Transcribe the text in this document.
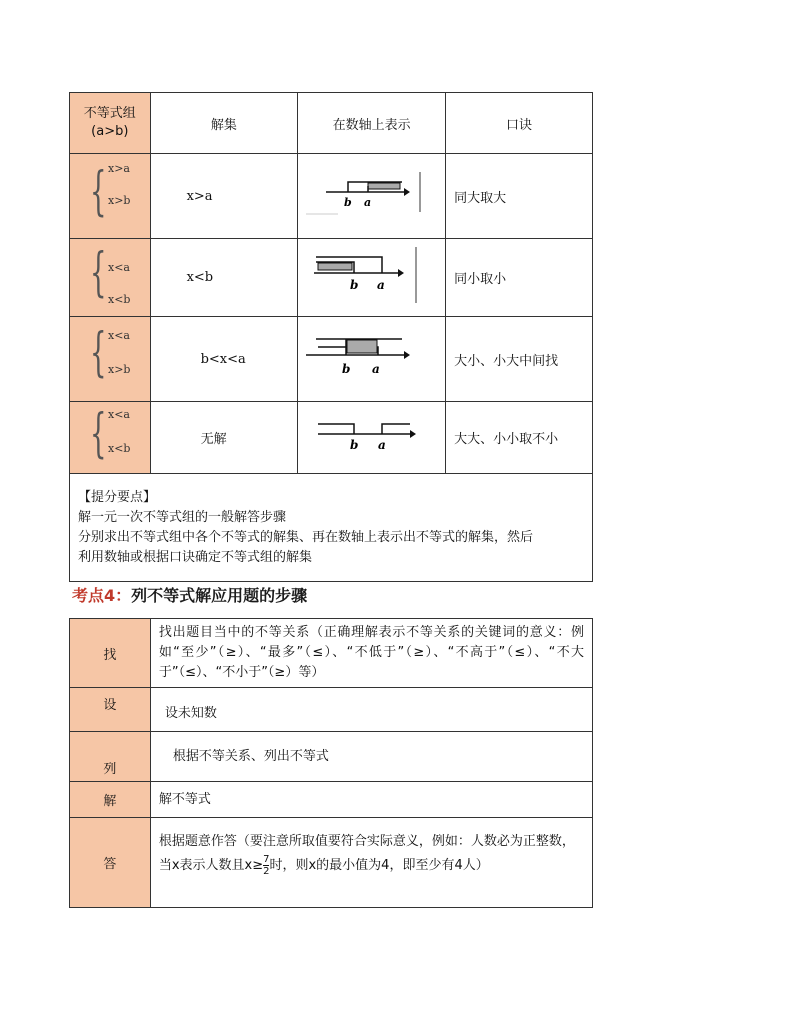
不等式组
(a>b)	解集	在数轴上表示	口诀

{ x>a
x>b	x>a	b a	同大取大

{ x<a
x<b	x<b	b a	同小取小

{ x<a
x>b	b<x<a	b a	大小、小大中间找

{ x<a
x<b	无解	b a	大大、小小取不小

【提分要点】
解一元一次不等式组的一般解答步骤
分别求出不等式组中各个不等式的解集、再在数轴上表示出不等式的解集，然后
利用数轴或根据口诀确定不等式组的解集			
考点4：列不等式解应用题的步骤
找	找出题目当中的不等关系（正确理解表示不等关系的关键词的意义：例如“至少”（≥）、“最多”（≤）、“不低于”（≥）、“不高于”（≤）、“不大于”（≤）、“不小于”（≥）等）
设	设未知数
列	根据不等关系、列出不等式
解	解不等式
答	根据题意作答（要注意所取值要符合实际意义，例如：人数必为正整数，当x表示人数且$x\ge \frac{7}{2}$ 时，则x的最小值为4，即至少有4人）
